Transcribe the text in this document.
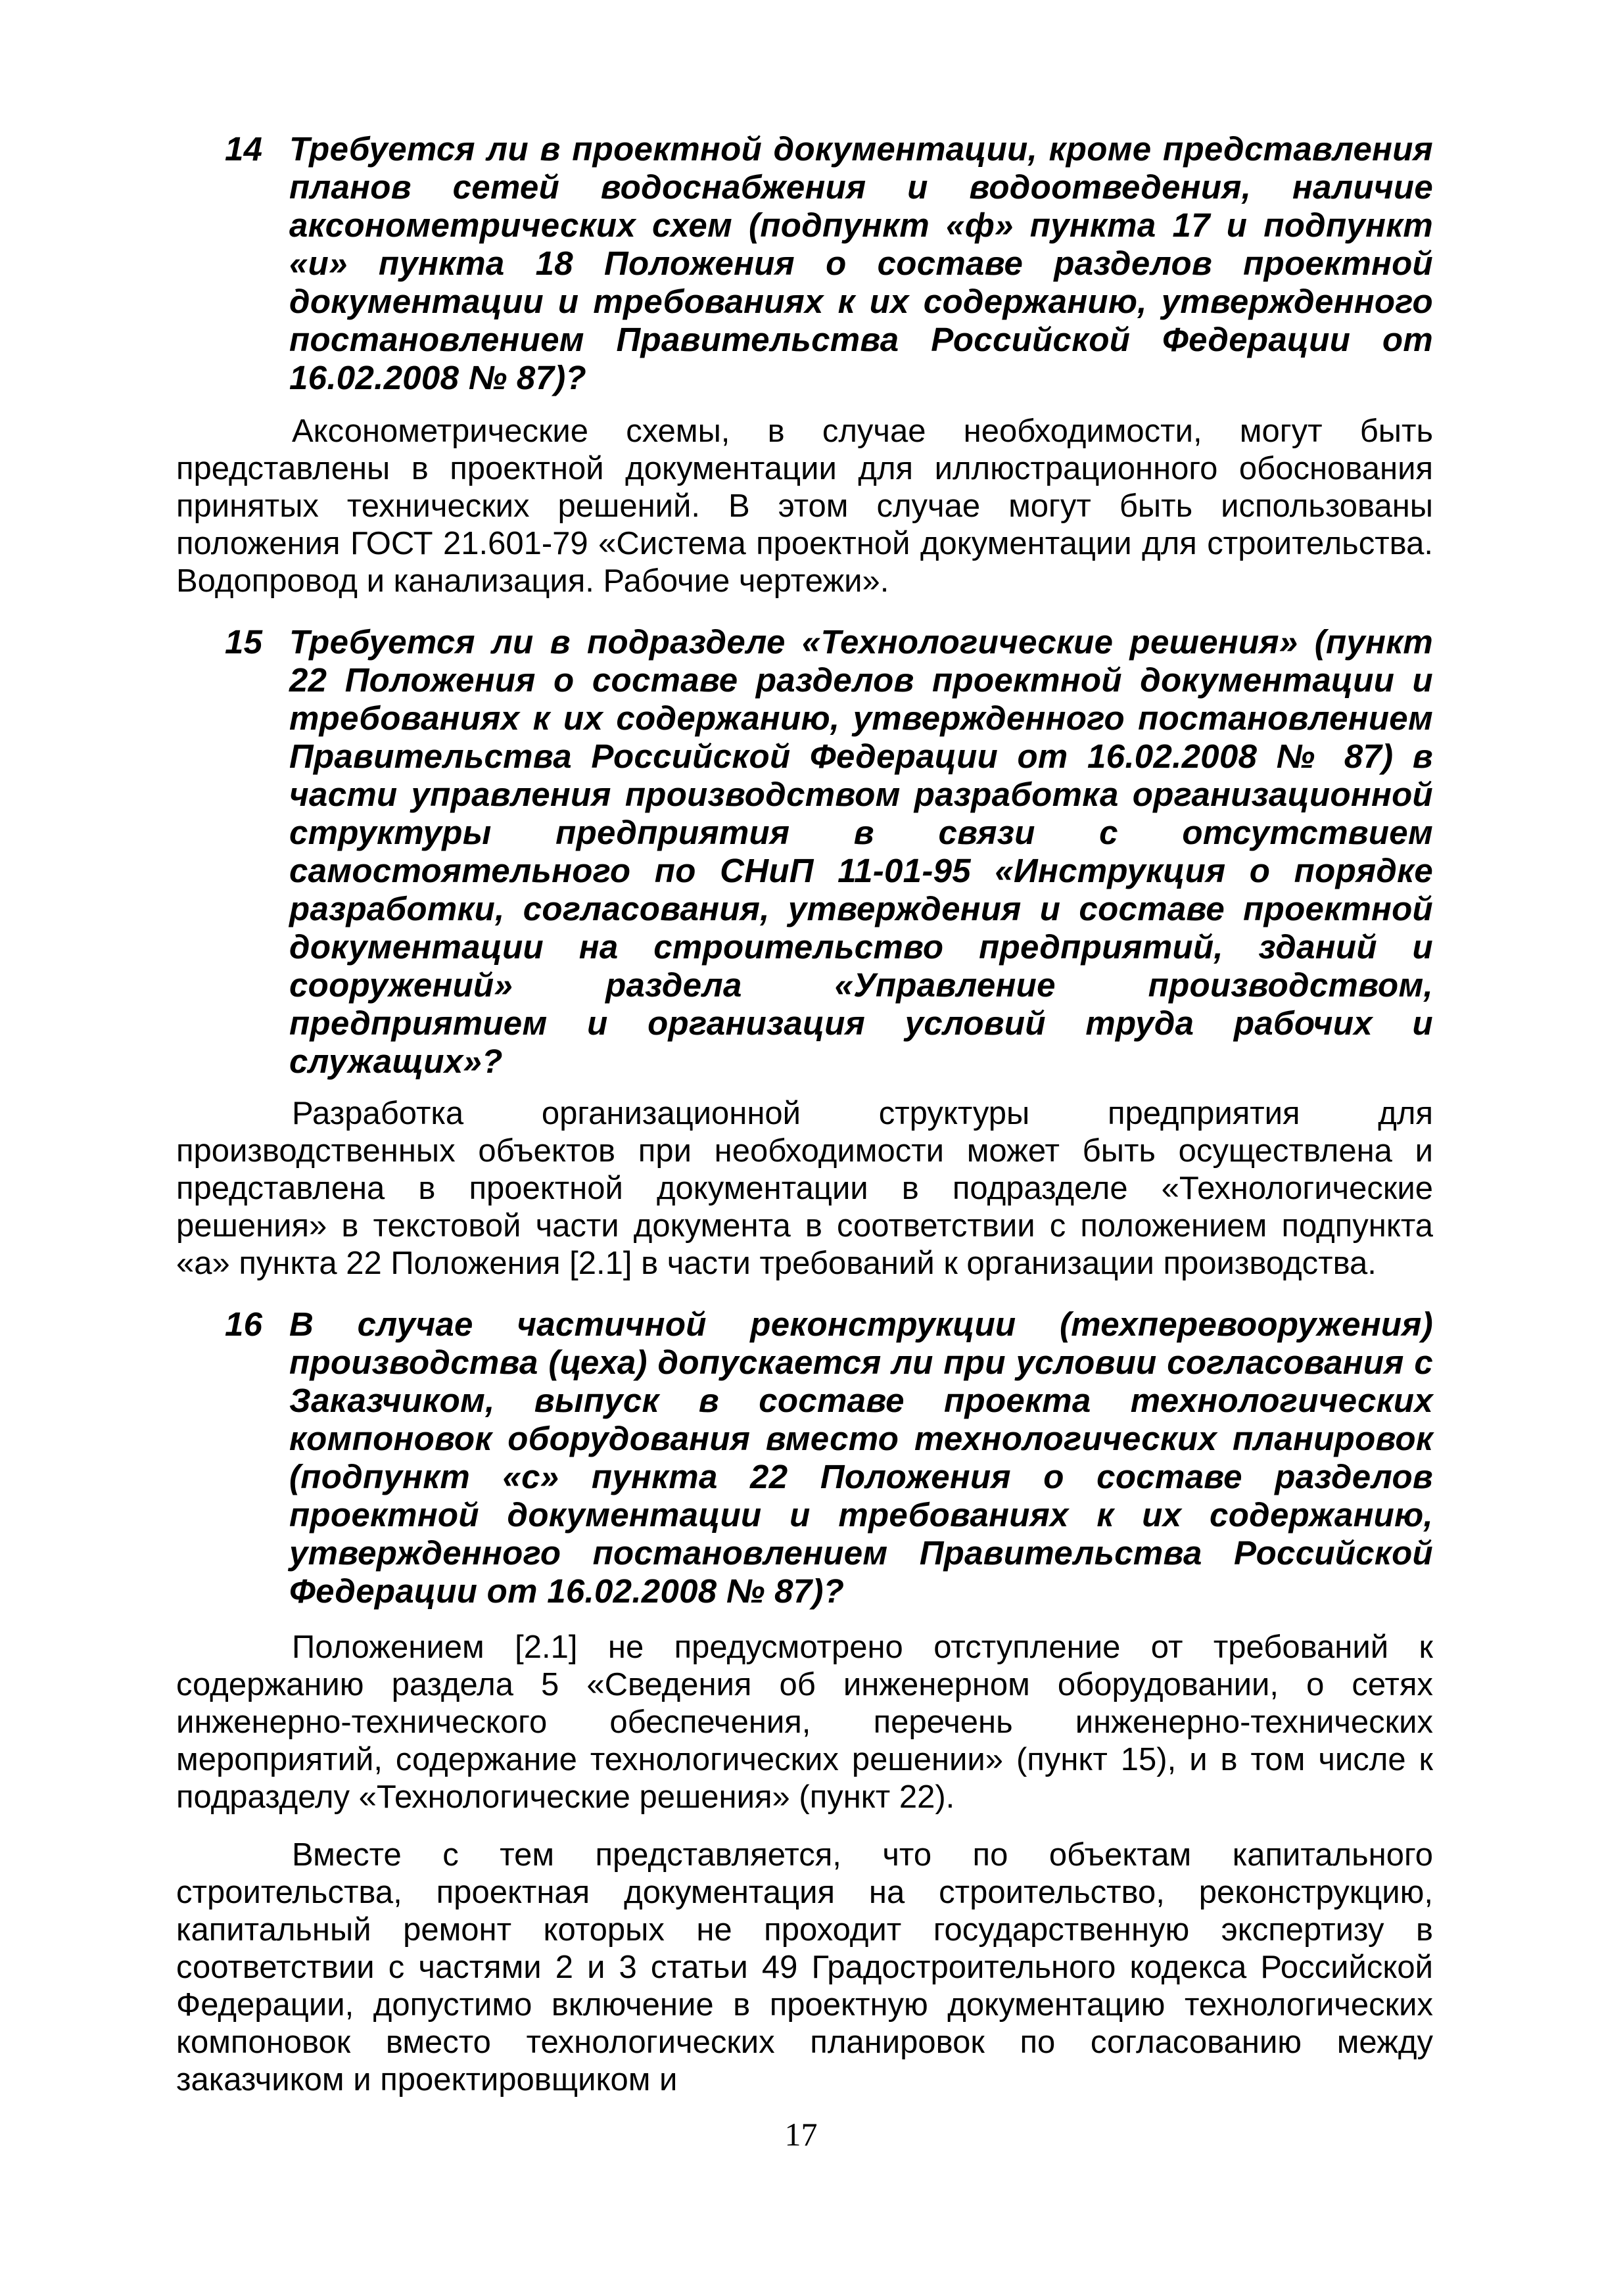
14 Требуется ли в проектной документации, кроме представления планов сетей водоснабжения и водоотведения, наличие аксонометрических схем (подпункт «ф» пункта 17 и подпункт «и» пункта 18 Положения о составе разделов проектной документации и требованиях к их содержанию, утвержденного постановлением Правительства Российской Федерации от 16.02.2008 № 87)?
Аксонометрические схемы, в случае необходимости, могут быть представлены в проектной документации для иллюстрационного обоснования принятых технических решений. В этом случае могут быть использованы положения ГОСТ 21.601-79 «Система проектной документации для строительства. Водопровод и канализация. Рабочие чертежи».
15 Требуется ли в подразделе «Технологические решения» (пункт 22 Положения о составе разделов проектной документации и требованиях к их содержанию, утвержденного постановлением Правительства Российской Федерации от 16.02.2008 № 87) в части управления производством разработка организационной структуры предприятия в связи с отсутствием самостоятельного по СНиП 11-01-95 «Инструкция о порядке разработки, согласования, утверждения и составе проектной документации на строительство предприятий, зданий и сооружений» раздела «Управление производством, предприятием и организация условий труда рабочих и служащих»?
Разработка организационной структуры предприятия для производственных объектов при необходимости может быть осуществлена и представлена в проектной документации в подразделе «Технологические решения» в текстовой части документа в соответствии с положением подпункта «а» пункта 22 Положения [2.1] в части требований к организации производства.
16 В случае частичной реконструкции (техперевооружения) производства (цеха) допускается ли при условии согласования с Заказчиком, выпуск в составе проекта технологических компоновок оборудования вместо технологических планировок (подпункт «с» пункта 22 Положения о составе разделов проектной документации и требованиях к их содержанию, утвержденного постановлением Правительства Российской Федерации от 16.02.2008 № 87)?
Положением [2.1] не предусмотрено отступление от требований к содержанию раздела 5 «Сведения об инженерном оборудовании, о сетях инженерно-технического обеспечения, перечень инженерно-технических мероприятий, содержание технологических решении» (пункт 15), и в том числе к подразделу «Технологические решения» (пункт 22).
Вместе с тем представляется, что по объектам капитального строительства, проектная документация на строительство, реконструкцию, капитальный ремонт которых не проходит государственную экспертизу в соответствии с частями 2 и 3 статьи 49 Градостроительного кодекса Российской Федерации, допустимо включение в проектную документацию технологических компоновок вместо технологических планировок по согласованию между заказчиком и проектировщиком и
17
